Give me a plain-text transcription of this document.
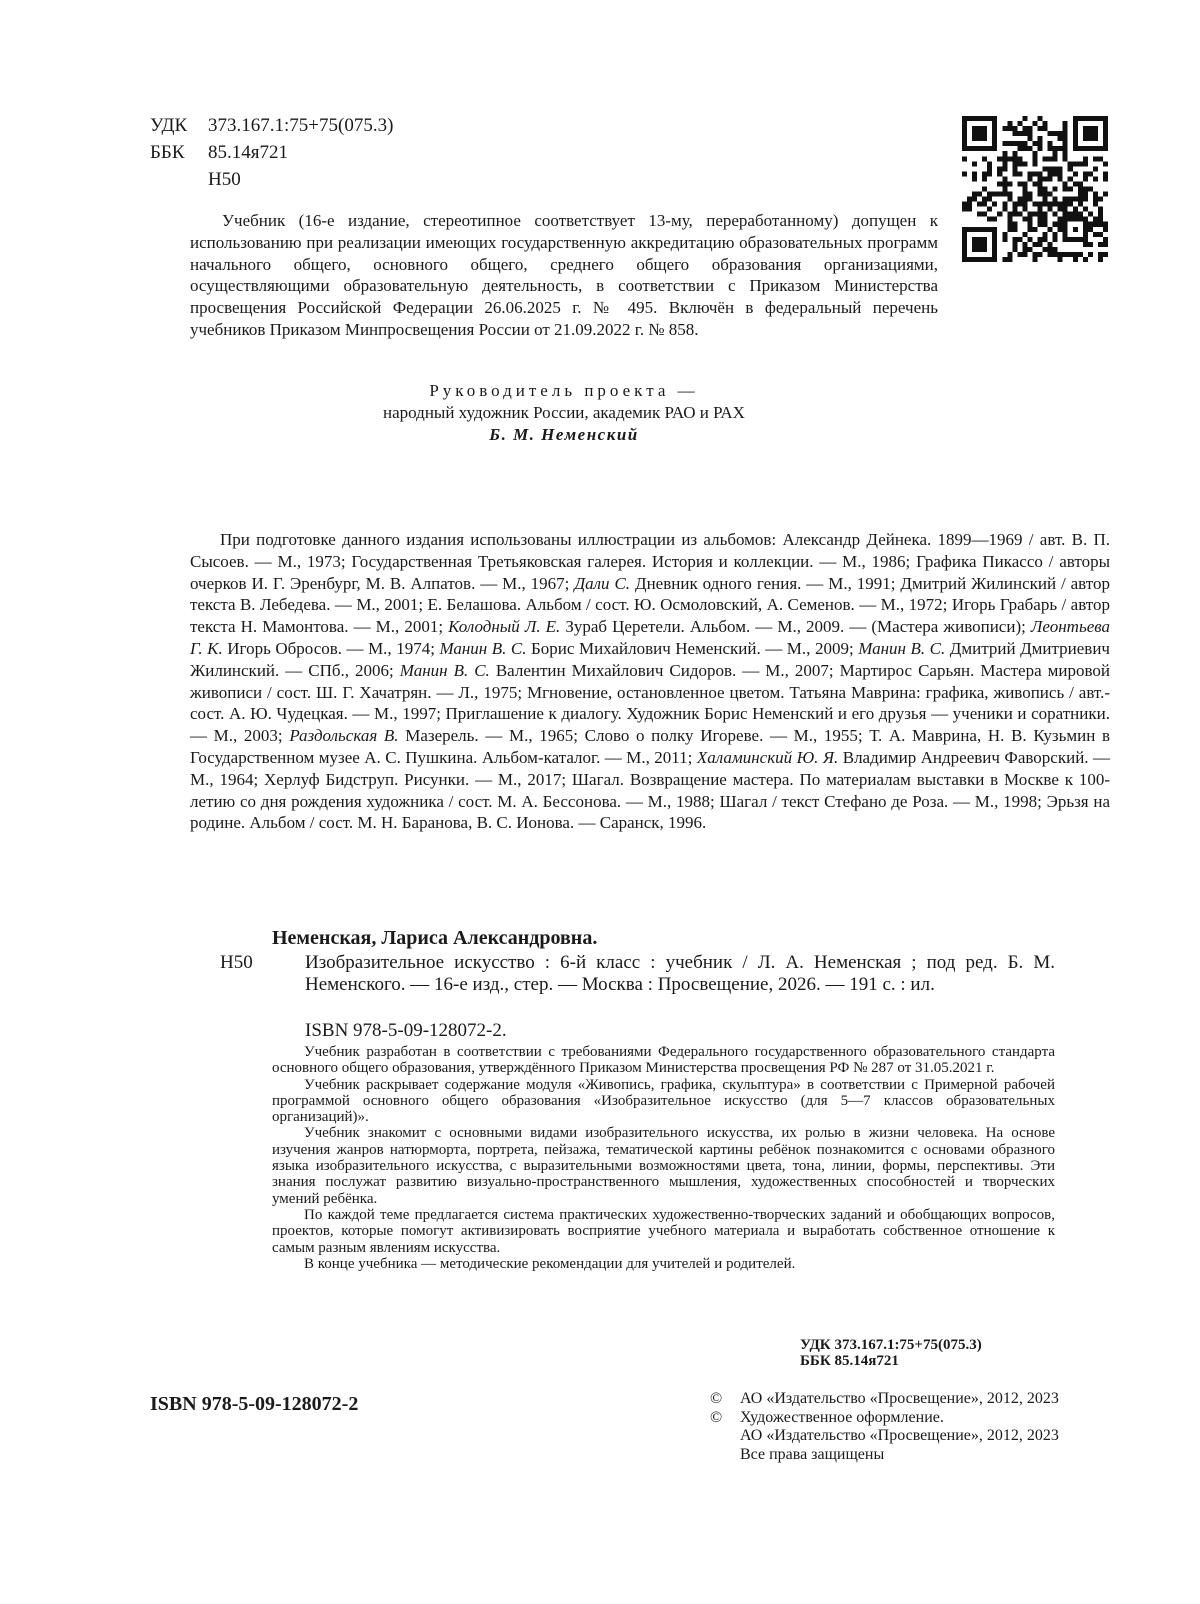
УДК 373.167.1:75+75(075.3)
ББК 85.14я721
Н50
Учебник (16-е издание, стереотипное соответствует 13-му, переработанному) допущен к использованию при реализации имеющих государственную аккредитацию образовательных программ начального общего, основного общего, среднего общего образования организациями, осуществляющими образовательную деятельность, в соответствии с Приказом Министерства просвещения Российской Федерации 26.06.2025 г. № 495. Включён в федеральный перечень учебников Приказом Минпросвещения России от 21.09.2022 г. № 858.
Руководитель проекта —
народный художник России, академик РАО и РАХ
Б. М. Неменский
При подготовке данного издания использованы иллюстрации из альбомов: Александр Дейнека. 1899—1969 / авт. В. П. Сысоев. — М., 1973; Государственная Третьяковская галерея. История и коллекции. — М., 1986; Графика Пикассо / авторы очерков И. Г. Эренбург, М. В. Алпатов. — М., 1967; Дали С. Дневник одного гения. — М., 1991; Дмитрий Жилинский / автор текста В. Лебедева. — М., 2001; Е. Белашова. Альбом / сост. Ю. Осмоловский, А. Семенов. — М., 1972; Игорь Грабарь / автор текста Н. Мамонтова. — М., 2001; Колодный Л. Е. Зураб Церетели. Альбом. — М., 2009. — (Мастера живописи); Леонтьева Г. К. Игорь Обросов. — М., 1974; Манин В. С. Борис Михайлович Неменский. — М., 2009; Манин В. С. Дмитрий Дмитриевич Жилинский. — СПб., 2006; Манин В. С. Валентин Михайлович Сидоров. — М., 2007; Мартирос Сарьян. Мастера мировой живописи / сост. Ш. Г. Хачатрян. — Л., 1975; Мгновение, остановленное цветом. Татьяна Маврина: графика, живопись / авт.-сост. А. Ю. Чудецкая. — М., 1997; Приглашение к диалогу. Художник Борис Неменский и его друзья — ученики и соратники. — М., 2003; Раздольская В. Мазерель. — М., 1965; Слово о полку Игореве. — М., 1955; Т. А. Маврина, Н. В. Кузьмин в Государственном музее А. С. Пушкина. Альбом-каталог. — М., 2011; Халаминский Ю. Я. Владимир Андреевич Фаворский. — М., 1964; Херлуф Бидструп. Рисунки. — М., 2017; Шагал. Возвращение мастера. По материалам выставки в Москве к 100-летию со дня рождения художника / сост. М. А. Бессонова. — М., 1988; Шагал / текст Стефано де Роза. — М., 1998; Эрьзя на родине. Альбом / сост. М. Н. Баранова, В. С. Ионова. — Саранск, 1996.
Неменская, Лариса Александровна.
Н50	Изобразительное искусство : 6-й класс : учебник / Л. А. Неменская ; под ред. Б. М. Неменского. — 16-е изд., стер. — Москва : Просвещение, 2026. — 191 с. : ил.
ISBN 978-5-09-128072-2.

Учебник разработан в соответствии с требованиями Федерального государственного образовательного стандарта основного общего образования, утверждённого Приказом Министерства просвещения РФ № 287 от 31.05.2021 г.

Учебник раскрывает содержание модуля «Живопись, графика, скульптура» в соответствии с Примерной рабочей программой основного общего образования «Изобразительное искусство (для 5—7 классов образовательных организаций)».

Учебник знакомит с основными видами изобразительного искусства, их ролью в жизни человека. На основе изучения жанров натюрморта, портрета, пейзажа, тематической картины ребёнок познакомится с основами образного языка изобразительного искусства, с выразительными возможностями цвета, тона, линии, формы, перспективы. Эти знания послужат развитию визуально-пространственного мышления, художественных способностей и творческих умений ребёнка.

По каждой теме предлагается система практических художественно-творческих заданий и обобщающих вопросов, проектов, которые помогут активизировать восприятие учебного материала и выработать собственное отношение к самым разным явлениям искусства.

В конце учебника — методические рекомендации для учителей и родителей.

УДК 373.167.1:75+75(075.3)
ББК 85.14я721
ISBN 978-5-09-128072-2	©	АО «Издательство «Просвещение», 2012, 2023
©	Художественное оформление.
АО «Издательство «Просвещение», 2012, 2023
Все права защищены
